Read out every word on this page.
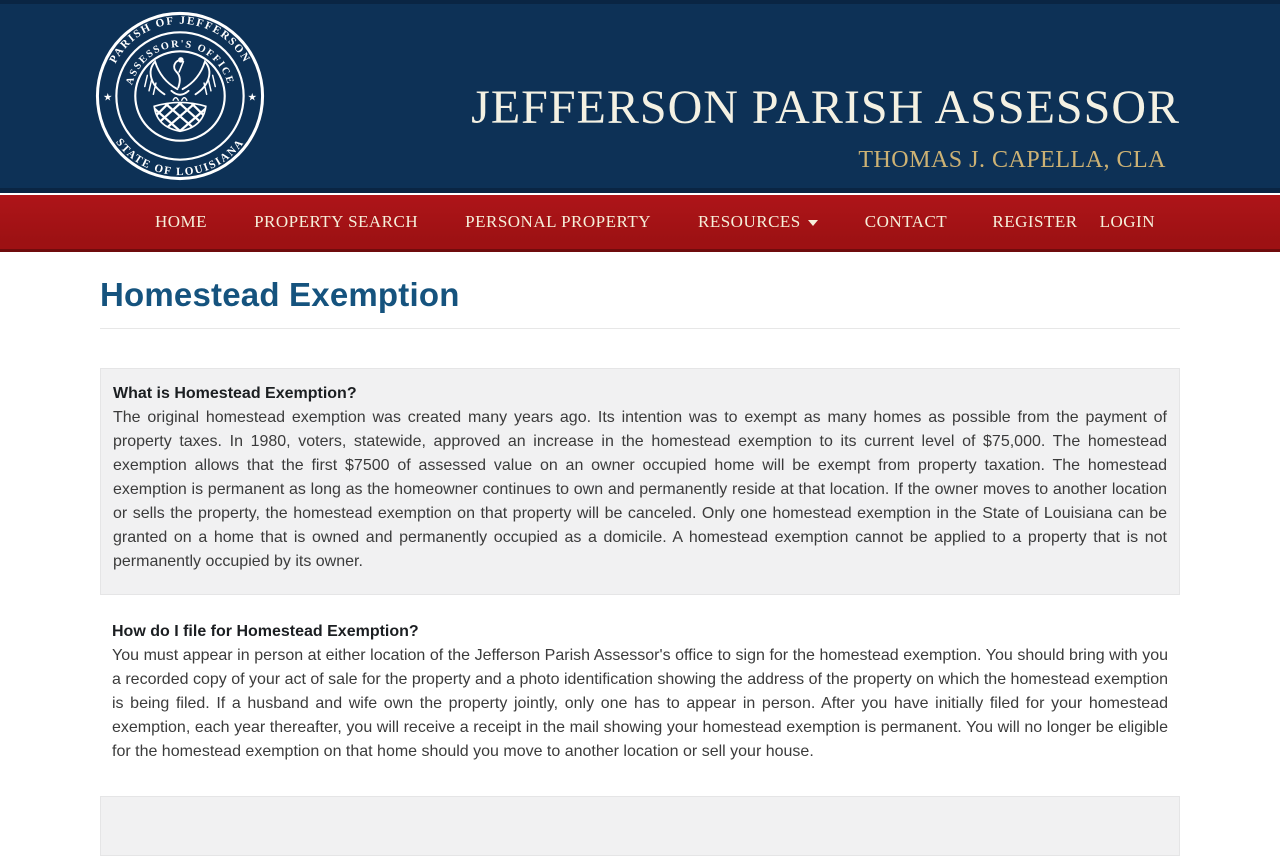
PARISH OF JEFFERSON
STATE OF LOUISIANA
ASSESSOR'S OFFICE
★	★	JEFFERSON PARISH ASSESSOR
THOMAS J. CAPELLA, CLA
HOME	PROPERTY SEARCH	PERSONAL PROPERTY	RESOURCES	CONTACT	REGISTER LOGIN
Homestead Exemption
What is Homestead Exemption?

The original homestead exemption was created many years ago. Its intention was to exempt as many homes as possible from the payment of property taxes. In 1980, voters, statewide, approved an increase in the homestead exemption to its current level of $75,000. The homestead exemption allows that the first $7500 of assessed value on an owner occupied home will be exempt from property taxation. The homestead exemption is permanent as long as the homeowner continues to own and permanently reside at that location. If the owner moves to another location or sells the property, the homestead exemption on that property will be canceled. Only one homestead exemption in the State of Louisiana can be granted on a home that is owned and permanently occupied as a domicile. A homestead exemption cannot be applied to a property that is not permanently occupied by its owner.

How do I file for Homestead Exemption?

You must appear in person at either location of the Jefferson Parish Assessor's office to sign for the homestead exemption. You should bring with you a recorded copy of your act of sale for the property and a photo identification showing the address of the property on which the homestead exemption is being filed. If a husband and wife own the property jointly, only one has to appear in person. After you have initially filed for your homestead exemption, each year thereafter, you will receive a receipt in the mail showing your homestead exemption is permanent. You will no longer be eligible for the homestead exemption on that home should you move to another location or sell your house.
